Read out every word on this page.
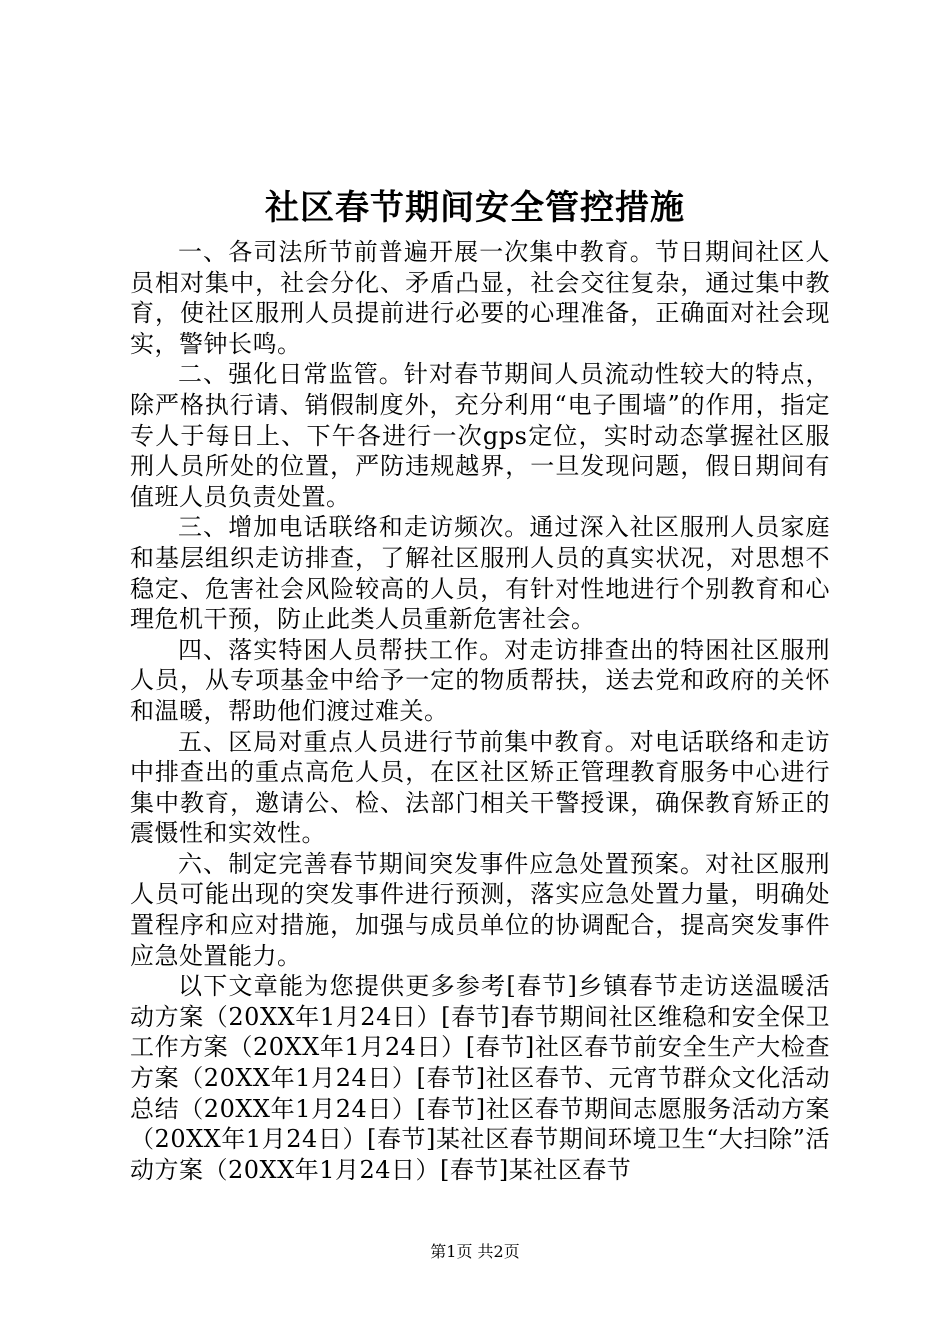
社区春节期间安全管控措施

一、各司法所节前普遍开展一次集中教育。节日期间社区人员相对集中，社会分化、矛盾凸显，社会交往复杂，通过集中教育，使社区服刑人员提前进行必要的心理准备，正确面对社会现实，警钟长鸣。

二、强化日常监管。针对春节期间人员流动性较大的特点，除严格执行请、销假制度外，充分利用“电子围墙”的作用，指定专人于每日上、下午各进行一次gps定位，实时动态掌握社区服刑人员所处的位置，严防违规越界，一旦发现问题，假日期间有值班人员负责处置。

三、增加电话联络和走访频次。通过深入社区服刑人员家庭和基层组织走访排查，了解社区服刑人员的真实状况，对思想不稳定、危害社会风险较高的人员，有针对性地进行个别教育和心理危机干预，防止此类人员重新危害社会。

四、落实特困人员帮扶工作。对走访排查出的特困社区服刑人员，从专项基金中给予一定的物质帮扶，送去党和政府的关怀和温暖，帮助他们渡过难关。

五、区局对重点人员进行节前集中教育。对电话联络和走访中排查出的重点高危人员，在区社区矫正管理教育服务中心进行集中教育，邀请公、检、法部门相关干警授课，确保教育矫正的震慑性和实效性。

六、制定完善春节期间突发事件应急处置预案。对社区服刑人员可能出现的突发事件进行预测，落实应急处置力量，明确处置程序和应对措施，加强与成员单位的协调配合，提高突发事件应急处置能力。

以下文章能为您提供更多参考[春节]乡镇春节走访送温暖活动方案（20XX年1月24日）[春节]春节期间社区维稳和安全保卫工作方案（20XX年1月24日）[春节]社区春节前安全生产大检查方案（20XX年1月24日）[春节]社区春节、元宵节群众文化活动总结（20XX年1月24日）[春节]社区春节期间志愿服务活动方案（20XX年1月24日）[春节]某社区春节期间环境卫生“大扫除”活动方案（20XX年1月24日）[春节]某社区春节

第1页 共2页
